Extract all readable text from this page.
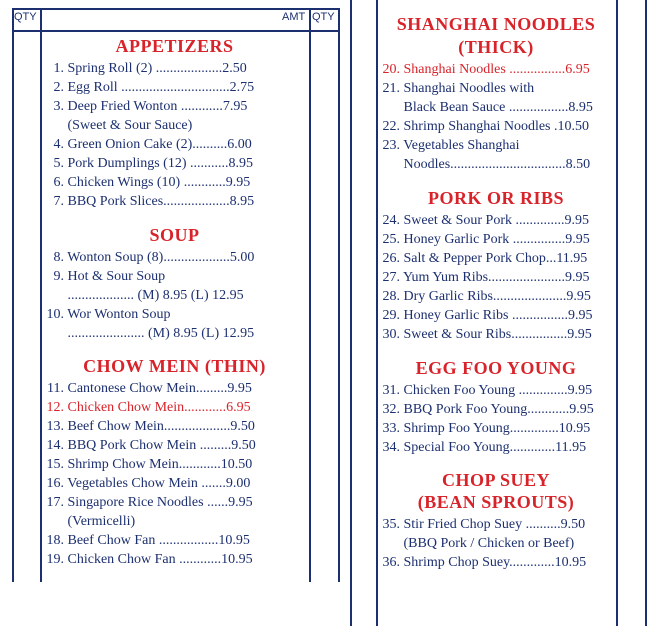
QTY	AMT QTY
APPETIZERS
1. Spring Roll (2) ...................2.50
2. Egg Roll ...............................2.75
3. Deep Fried Wonton ............7.95
(Sweet & Sour Sauce)
4. Green Onion Cake (2)..........6.00
5. Pork Dumplings (12) ...........8.95
6. Chicken Wings (10) ............9.95
7. BBQ Pork Slices...................8.95
SOUP
8. Wonton Soup (8)...................5.00
9. Hot & Sour Soup
................... (M) 8.95 (L) 12.95
10. Wor Wonton Soup
...................... (M) 8.95 (L) 12.95
CHOW MEIN (THIN)
11. Cantonese Chow Mein.........9.95
12. Chicken Chow Mein............6.95
13. Beef Chow Mein...................9.50
14. BBQ Pork Chow Mein .........9.50
15. Shrimp Chow Mein............10.50
16. Vegetables Chow Mein .......9.00
17. Singapore Rice Noodles ......9.95
(Vermicelli)
18. Beef Chow Fan .................10.95
19. Chicken Chow Fan ............10.95
SHANGHAI NOODLES
(THICK)
20. Shanghai Noodles ................6.95
21. Shanghai Noodles with
Black Bean Sauce .................8.95
22. Shrimp Shanghai Noodles .10.50
23. Vegetables Shanghai
Noodles.................................8.50
PORK OR RIBS
24. Sweet & Sour Pork ..............9.95
25. Honey Garlic Pork ...............9.95
26. Salt & Pepper Pork Chop...11.95
27. Yum Yum Ribs......................9.95
28. Dry Garlic Ribs.....................9.95
29. Honey Garlic Ribs ................9.95
30. Sweet & Sour Ribs................9.95
EGG FOO YOUNG
31. Chicken Foo Young ..............9.95
32. BBQ Pork Foo Young............9.95
33. Shrimp Foo Young..............10.95
34. Special Foo Young.............11.95
CHOP SUEY
(BEAN SPROUTS)
35. Stir Fried Chop Suey ..........9.50
(BBQ Pork / Chicken or Beef)
36. Shrimp Chop Suey.............10.95
